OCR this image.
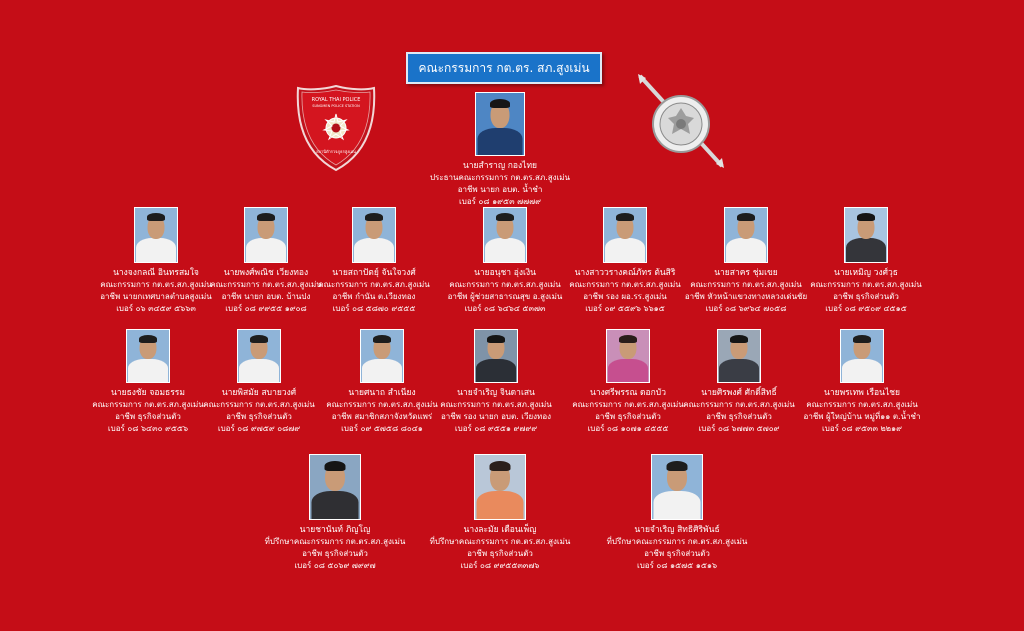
คณะกรรมการ กต.ตร. สภ.สูงเม่น
ROYAL THAI POLICE
SUNGMEN POLICE STATION
สถานีตำรวจภูธรสูงเม่น
นายสำราญ กองไทย
ประธานคณะกรรมการ กต.ตร.สภ.สูงเม่น
อาชีพ นายก อบต. น้ำชำ
เบอร์ ๐๘ ๑๙๕๓ ๗๗๗๙
นางจงกลณี อินทรสมใจ
คณะกรรมการ กต.ตร.สภ.สูงเม่น
อาชีพ นายกเทศบาลตำบลสูงเม่น
เบอร์ ๐๖ ๓๔๕๙ ๕๖๖๓
นายพงศ์พณิช เวียงทอง
คณะกรรมการ กต.ตร.สภ.สูงเม่น
อาชีพ นายก อบต. บ้านปง
เบอร์ ๐๘ ๙๙๕๕ ๑๙๐๘
นายสถาปัตยุ์ จันใจวงศ์
คณะกรรมการ กต.ตร.สภ.สูงเม่น
อาชีพ กำนัน ต.เวียงทอง
เบอร์ ๐๘ ๕๘๗๐ ๙๕๕๕
นายอนุชา อุ่งเงิน
คณะกรรมการ กต.ตร.สภ.สูงเม่น
อาชีพ ผู้ช่วยสาธารณสุข อ.สูงเม่น
เบอร์ ๐๘ ๖๔๖๔ ๕๓๗๓
นางสาววรางคณ์ภัทร ต้นสิริ
คณะกรรมการ กต.ตร.สภ.สูงเม่น
อาชีพ รอง ผอ.รร.สูงเม่น
เบอร์ ๐๙ ๕๕๙๖ ๖๖๑๕
นายสาคร ชุ่มเขย
คณะกรรมการ กต.ตร.สภ.สูงเม่น
อาชีพ หัวหน้าแขวงทางหลวงเด่นชัย
เบอร์ ๐๘ ๖๙๖๔ ๗๐๕๘
นายเหมิญ วงศ์วุธ
คณะกรรมการ กต.ตร.สภ.สูงเม่น
อาชีพ ธุรกิจส่วนตัว
เบอร์ ๐๘ ๙๕๐๙ ๔๕๑๕
นายธงชัย จอมธรรม
คณะกรรมการ กต.ตร.สภ.สูงเม่น
อาชีพ ธุรกิจส่วนตัว
เบอร์ ๐๘ ๖๔๓๐ ๙๕๕๖
นายพิสมัย สบายวงศ์
คณะกรรมการ กต.ตร.สภ.สูงเม่น
อาชีพ ธุรกิจส่วนตัว
เบอร์ ๐๘ ๙๗๕๙ ๐๘๗๙
นายศนาถ สำเนียง
คณะกรรมการ กต.ตร.สภ.สูงเม่น
อาชีพ สมาชิกสภาจังหวัดแพร่
เบอร์ ๐๙ ๕๗๕๘ ๘๐๔๑
นายจำเริญ จินดาเสน
คณะกรรมการ กต.ตร.สภ.สูงเม่น
อาชีพ รอง นายก อบต. เวียงทอง
เบอร์ ๐๘ ๙๕๕๑ ๙๗๙๙
นางศรีพรรณ ดอกบัว
คณะกรรมการ กต.ตร.สภ.สูงเม่น
อาชีพ ธุรกิจส่วนตัว
เบอร์ ๐๘ ๑๐๗๑ ๔๕๕๕
นายศิรพงศ์ ศักดิ์สิทธิ์
คณะกรรมการ กต.ตร.สภ.สูงเม่น
อาชีพ ธุรกิจส่วนตัว
เบอร์ ๐๘ ๖๗๗๓ ๕๗๐๙
นายพรเทพ เรือนไชย
คณะกรรมการ กต.ตร.สภ.สูงเม่น
อาชีพ ผู้ใหญ่บ้าน หมู่ที่๑๑ ต.น้ำชำ
เบอร์ ๐๘ ๙๕๓๓ ๒๒๑๙
นายชานันท์ ภิญโญ
ที่ปรึกษาคณะกรรมการ กต.ตร.สภ.สูงเม่น
อาชีพ ธุรกิจส่วนตัว
เบอร์ ๐๘ ๕๐๖๙ ๗๙๙๗
นางละมัย เดือนเพ็ญ
ที่ปรึกษาคณะกรรมการ กต.ตร.สภ.สูงเม่น
อาชีพ ธุรกิจส่วนตัว
เบอร์ ๐๘ ๙๙๕๕๓๓๗๖
นายจำเริญ สิทธิศิริพันธ์
ที่ปรึกษาคณะกรรมการ กต.ตร.สภ.สูงเม่น
อาชีพ ธุรกิจส่วนตัว
เบอร์ ๐๘ ๑๕๗๕ ๑๕๑๖
